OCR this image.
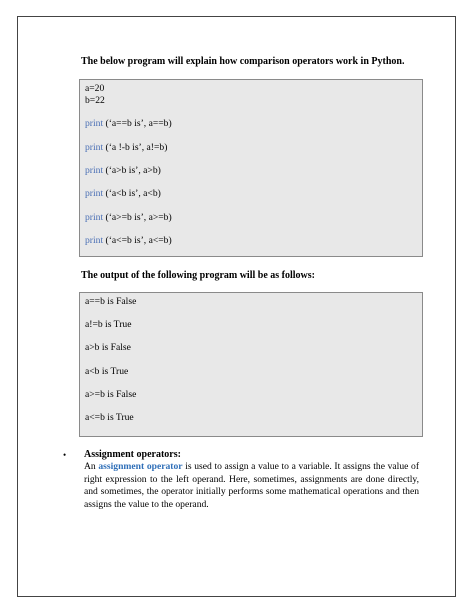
The below program will explain how comparison operators work in Python.
a=20
b=22
print (‘a==b is’, a==b)
print (‘a !-b is’, a!=b)
print (‘a>b is’, a>b)
print (‘a<b is’, a<b)
print (‘a>=b is’, a>=b)
print (‘a<=b is’, a<=b)
The output of the following program will be as follows:
a==b is False
a!=b is True
a>b is False
a<b is True
a>=b is False
a<=b is True
• Assignment operators:
An assignment operator is used to assign a value to a variable. It assigns the value of right expression to the left operand. Here, sometimes, assignments are done directly, and sometimes, the operator initially performs some mathematical operations and then assigns the value to the operand.
